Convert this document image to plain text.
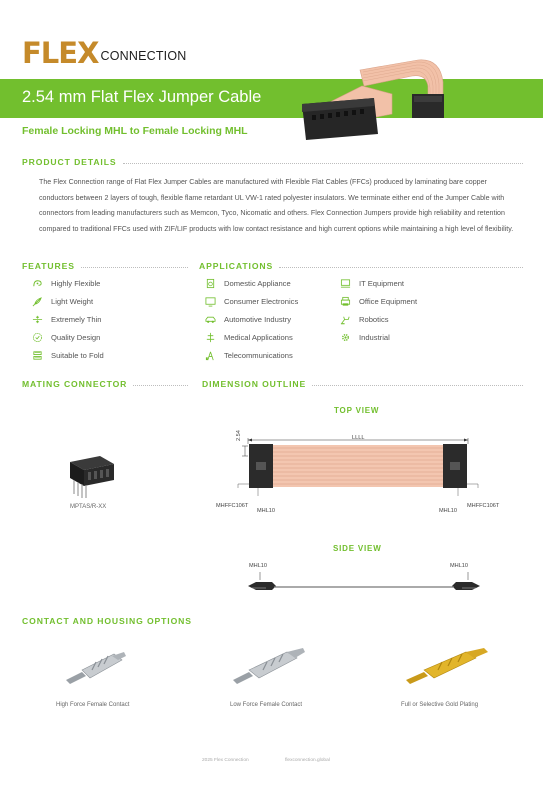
FLEX CONNECTION
2.54 mm Flat Flex Jumper Cable
Female Locking MHL to Female Locking MHL
PRODUCT DETAILS
The Flex Connection range of Flat Flex Jumper Cables are manufactured with Flexible Flat Cables (FFCs) produced by laminating bare copper conductors between 2 layers of tough, flexible flame retardant UL VW-1 rated polyester insulators. We terminate either end of the Jumper Cable with connectors from leading manufacturers such as Memcon, Tyco, Nicomatic and others. Flex Connection Jumpers provide high reliability and retention compared to traditional FFCs used with ZIF/LIF products with low contact resistance and high current options while maintaining a high level of flexibility.
FEATURES
Highly Flexible
Light Weight
Extremely Thin
Quality Design
Suitable to Fold
APPLICATIONS
Domestic Appliance
Consumer Electronics
Automotive Industry
Medical Applications
Telecommunications
IT Equipment
Office Equipment
Robotics
Industrial
MATING CONNECTOR
MPTAS/R-XX
DIMENSION OUTLINE
TOP VIEW
2.54	LLLL
MHFFC106T
MHL10
MHFFC106T
MHL10
SIDE VIEW
MHL10	MHL10
CONTACT AND HOUSING OPTIONS
High Force Female Contact	Low Force Female Contact	Full or Selective Gold Plating
2025 Flex Connection	flexconnection.global
